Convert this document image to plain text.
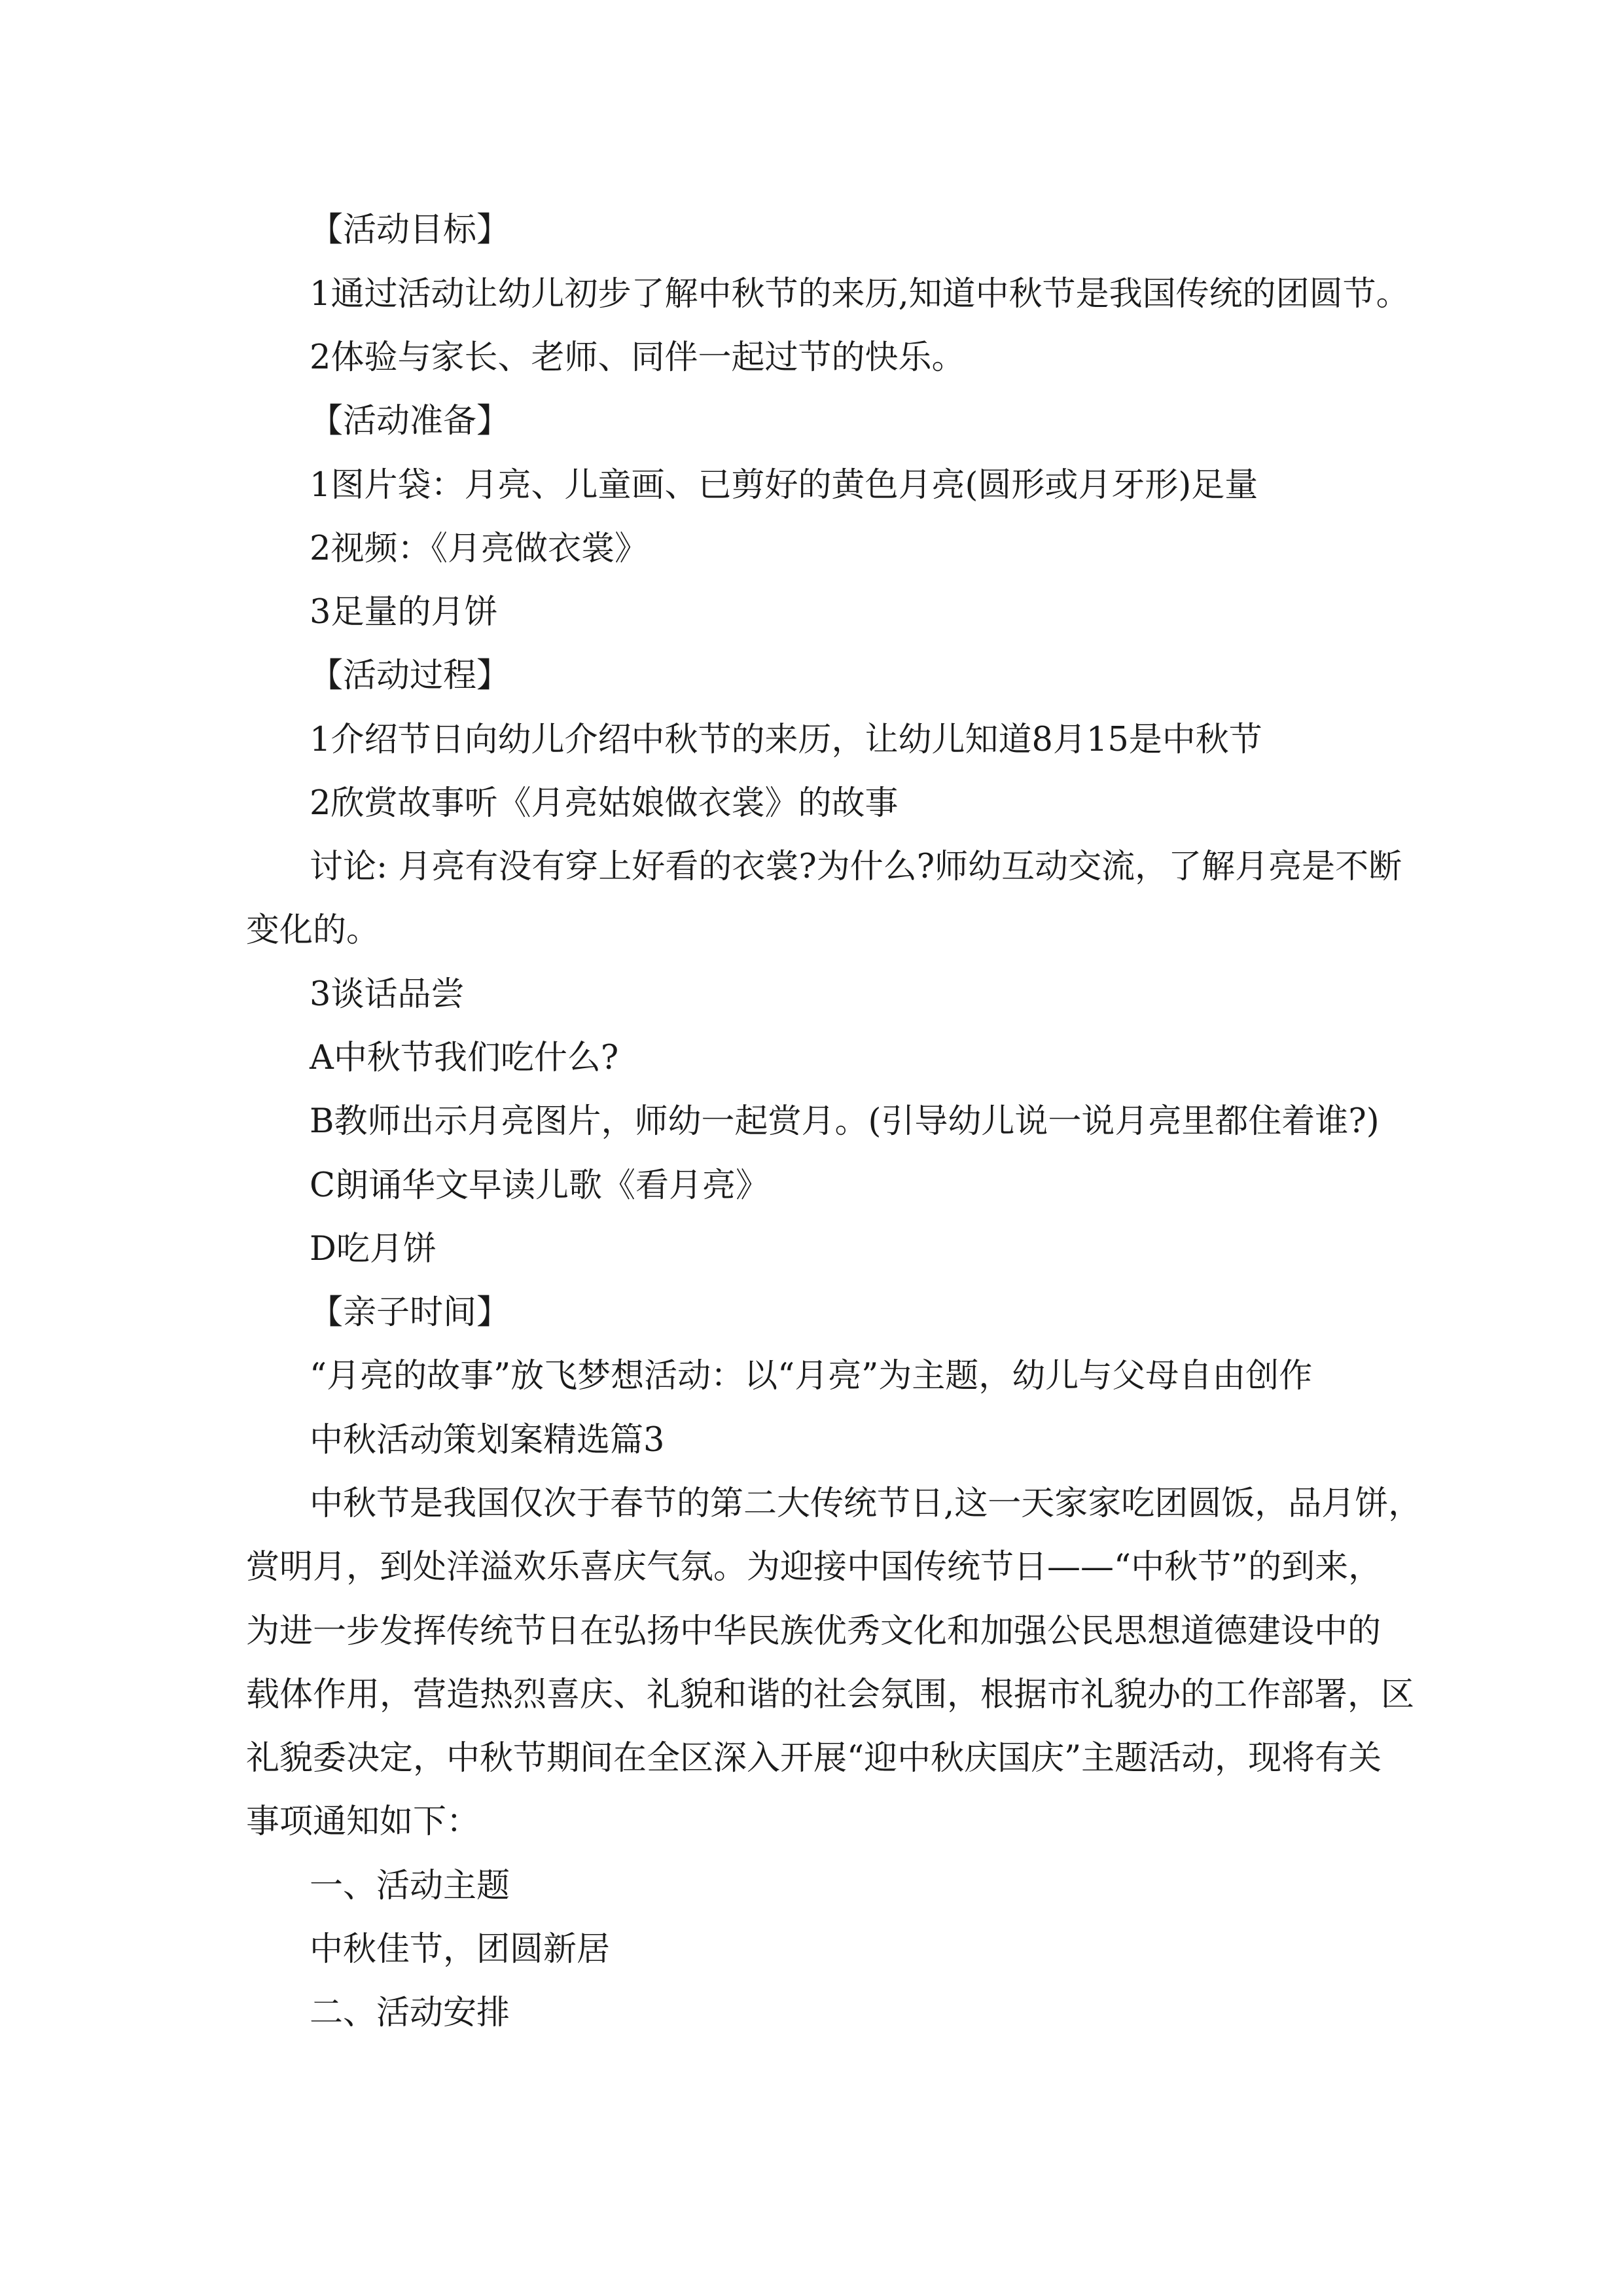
【活动目标】
1通过活动让幼儿初步了解中秋节的来历,知道中秋节是我国传统的团圆节。
2体验与家长、老师、同伴一起过节的快乐。
【活动准备】
1图片袋：月亮、儿童画、已剪好的黄色月亮(圆形或月牙形)足量
2视频：《月亮做衣裳》
3足量的月饼
【活动过程】
1介绍节日向幼儿介绍中秋节的来历，让幼儿知道8月15是中秋节
2欣赏故事听《月亮姑娘做衣裳》的故事
讨论: 月亮有没有穿上好看的衣裳?为什么?师幼互动交流，了解月亮是不断
变化的。
3谈话品尝
A中秋节我们吃什么?
B教师出示月亮图片，师幼一起赏月。(引导幼儿说一说月亮里都住着谁?)
C朗诵华文早读儿歌《看月亮》
D吃月饼
【亲子时间】
“月亮的故事”放飞梦想活动：以“月亮”为主题，幼儿与父母自由创作
中秋活动策划案精选篇3
中秋节是我国仅次于春节的第二大传统节日,这一天家家吃团圆饭，品月饼，
赏明月，到处洋溢欢乐喜庆气氛。为迎接中国传统节日——“中秋节”的到来，
为进一步发挥传统节日在弘扬中华民族优秀文化和加强公民思想道德建设中的
载体作用，营造热烈喜庆、礼貌和谐的社会氛围，根据市礼貌办的工作部署，区
礼貌委决定，中秋节期间在全区深入开展“迎中秋庆国庆”主题活动，现将有关
事项通知如下：
一、活动主题
中秋佳节，团圆新居
二、活动安排
